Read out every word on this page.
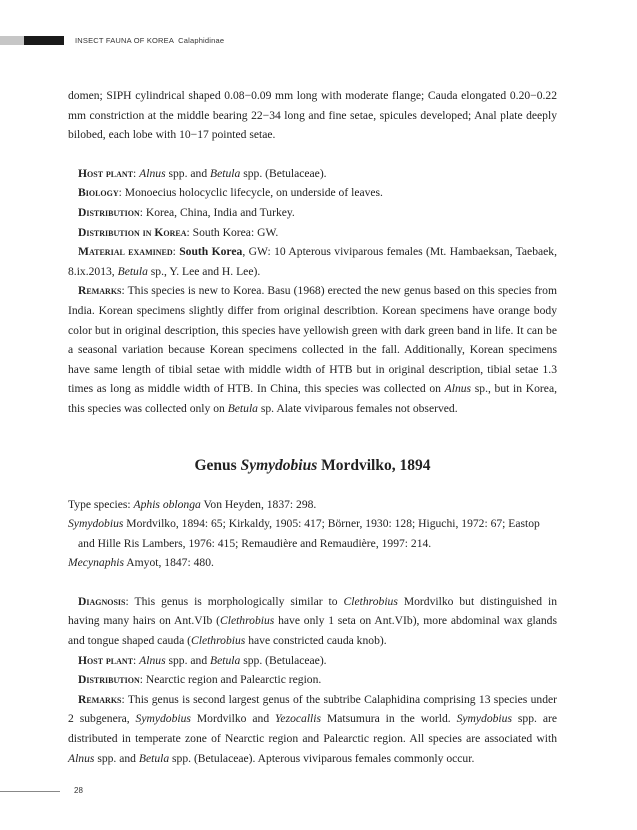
INSECT FAUNA OF KOREA Calaphidinae

domen; SIPH cylindrical shaped 0.08−0.09 mm long with moderate flange; Cauda elongated 0.20−0.22 mm constriction at the middle bearing 22−34 long and fine setae, spicules developed; Anal plate deeply bilobed, each lobe with 10−17 pointed setae.

Host plant: Alnus spp. and Betula spp. (Betulaceae).

Biology: Monoecius holocyclic lifecycle, on underside of leaves.

Distribution: Korea, China, India and Turkey.

Distribution in Korea: South Korea: GW.

Material examined: South Korea, GW: 10 Apterous viviparous females (Mt. Hambaeksan, Taebaek, 8.ix.2013, Betula sp., Y. Lee and H. Lee).

Remarks: This species is new to Korea. Basu (1968) erected the new genus based on this species from India. Korean specimens slightly differ from original describtion. Korean specimens have orange body color but in original description, this species have yellowish green with dark green band in life. It can be a seasonal variation because Korean specimens collected in the fall. Additionally, Korean specimens have same length of tibial setae with middle width of HTB but in original description, tibial setae 1.3 times as long as middle width of HTB. In China, this species was collected on Alnus sp., but in Korea, this species was collected only on Betula sp. Alate viviparous females not observed.

Genus Symydobius Mordvilko, 1894

Type species: Aphis oblonga Von Heyden, 1837: 298.

Symydobius Mordvilko, 1894: 65; Kirkaldy, 1905: 417; Börner, 1930: 128; Higuchi, 1972: 67; Eastop and Hille Ris Lambers, 1976: 415; Remaudière and Remaudière, 1997: 214.

Mecynaphis Amyot, 1847: 480.

Diagnosis: This genus is morphologically similar to Clethrobius Mordvilko but distinguished in having many hairs on Ant.VIb (Clethrobius have only 1 seta on Ant.VIb), more abdominal wax glands and tongue shaped cauda (Clethrobius have constricted cauda knob).

Host plant: Alnus spp. and Betula spp. (Betulaceae).

Distribution: Nearctic region and Palearctic region.

Remarks: This genus is second largest genus of the subtribe Calaphidina comprising 13 species under 2 subgenera, Symydobius Mordvilko and Yezocallis Matsumura in the world. Symydobius spp. are distributed in temperate zone of Nearctic region and Palearctic region. All species are associated with Alnus spp. and Betula spp. (Betulaceae). Apterous viviparous females commonly occur.

28
